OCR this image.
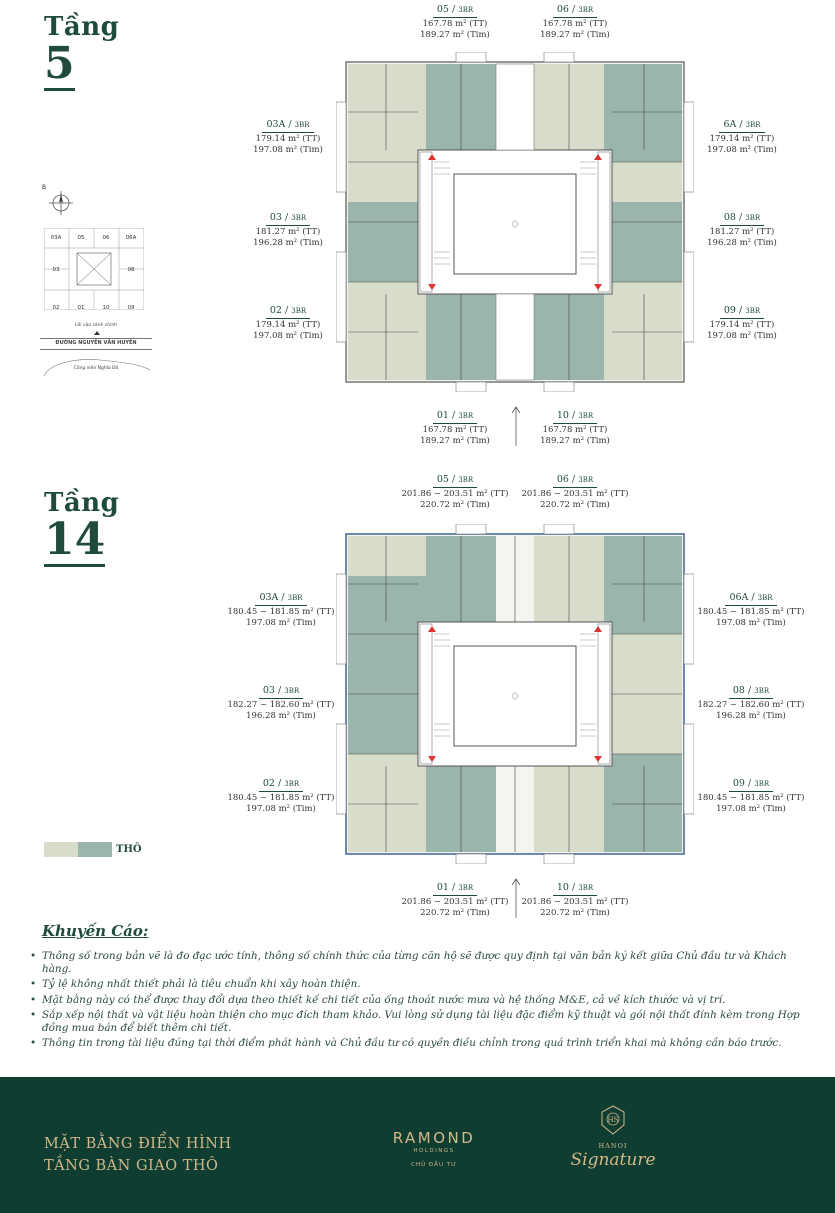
Tầng
5
B
03A	05	06	06A
03	08
02	01	10	09
Lối vào sảnh chính
ĐƯỜNG NGUYỄN VĂN HUYÊN
Công viên Nghĩa Đô
05 / 3BR
167.78 m² (TT)
189.27 m² (Tim)
06 / 3BR
167.78 m² (TT)
189.27 m² (Tim)
03A / 3BR
179.14 m² (TT)
197.08 m² (Tim)
6A / 3BR
179.14 m² (TT)
197.08 m² (Tim)
03 / 3BR
181.27 m² (TT)
196.28 m² (Tim)
08 / 3BR
181.27 m² (TT)
196.28 m² (Tim)
02 / 3BR
179.14 m² (TT)
197.08 m² (Tim)
09 / 3BR
179.14 m² (TT)
197.08 m² (Tim)
01 / 3BR
167.78 m² (TT)
189.27 m² (Tim)
10 / 3BR
167.78 m² (TT)
189.27 m² (Tim)
Tầng
14
05 / 3BR
201.86 ~ 203.51 m² (TT)
220.72 m² (Tim)
06 / 3BR
201.86 ~ 203.51 m² (TT)
220.72 m² (Tim)
03A / 3BR
180.45 ~ 181.85 m² (TT)
197.08 m² (Tim)
06A / 3BR
180.45 ~ 181.85 m² (TT)
197.08 m² (Tim)
03 / 3BR
182.27 ~ 182.60 m² (TT)
196.28 m² (Tim)
08 / 3BR
182.27 ~ 182.60 m² (TT)
196.28 m² (Tim)
02 / 3BR
180.45 ~ 181.85 m² (TT)
197.08 m² (Tim)
09 / 3BR
180.45 ~ 181.85 m² (TT)
197.08 m² (Tim)
01 / 3BR
201.86 ~ 203.51 m² (TT)
220.72 m² (Tim)
10 / 3BR
201.86 ~ 203.51 m² (TT)
220.72 m² (Tim)
THÔ
Khuyến Cáo:
• Thông số trong bản vẽ là đo đạc ước tính, thông số chính thức của từng căn hộ sẽ được quy định tại văn bản ký kết giữa Chủ đầu tư và Khách hàng.
• Tỷ lệ không nhất thiết phải là tiêu chuẩn khi xây hoàn thiện.
• Mặt bằng này có thể được thay đổi dựa theo thiết kế chi tiết của ống thoát nước mưa và hệ thống M&E, cả về kích thước và vị trí.
• Sắp xếp nội thất và vật liệu hoàn thiện cho mục đích tham khảo. Vui lòng sử dụng tài liệu đặc điểm kỹ thuật và gói nội thất đính kèm trong Hợp đồng mua bán để biết thêm chi tiết.
• Thông tin trong tài liệu đúng tại thời điểm phát hành và Chủ đầu tư có quyền điều chỉnh trong quá trình triển khai mà không cần báo trước.
MẶT BẰNG ĐIỂN HÌNH
TẦNG BÀN GIAO THÔ
RAMOND
HOLDINGS
CHỦ ĐẦU TƯ
HS
HANOI
Signature
